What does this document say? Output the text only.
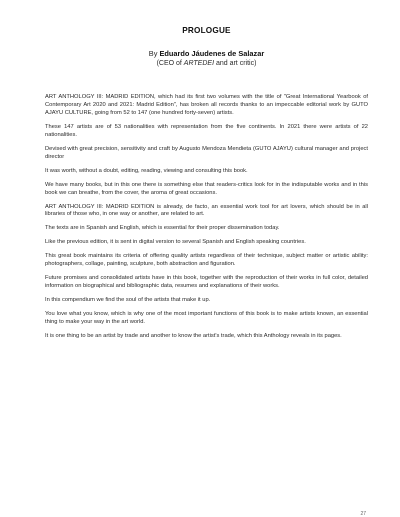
PROLOGUE

By Eduardo Jáudenes de Salazar

(CEO of ARTEDEI and art critic)

ART ANTHOLOGY III: MADRID EDITION, which had its first two volumes with the title of "Great International Yearbook of Contemporary Art 2020 and 2021: Madrid Edition", has broken all records thanks to an impeccable editorial work by GUTO AJAYU CULTURE, going from 52 to 147 (one hundred forty-seven) artists.

These 147 artists are of 53 nationalities with representation from the five continents. In 2021 there were artists of 22 nationalities.

Devised with great precision, sensitivity and craft by Augusto Mendoza Mendieta (GUTO AJAYU) cultural manager and project director

It was worth, without a doubt, editing, reading, viewing and consulting this book.

We have many books, but in this one there is something else that readers-critics look for in the indisputable works and in this book we can breathe, from the cover, the aroma of great occasions.

ART ANTHOLOGY III: MADRID EDITION is already, de facto, an essential work tool for art lovers, which should be in all libraries of those who, in one way or another, are related to art.

The texts are in Spanish and English, which is essential for their proper dissemination today.

Like the previous edition, it is sent in digital version to several Spanish and English speaking countries.

This great book maintains its criteria of offering quality artists regardless of their technique, subject matter or artistic ability: photographers, collage, painting, sculpture, both abstraction and figuration.

Future promises and consolidated artists have in this book, together with the reproduction of their works in full color, detailed information on biographical and bibliographic data, resumes and explanations of their works.

In this compendium we find the soul of the artists that make it up.

You love what you know, which is why one of the most important functions of this book is to make artists known, an essential thing to make your way in the art world.

It is one thing to be an artist by trade and another to know the artist's trade, which this Anthology reveals in its pages.

27
